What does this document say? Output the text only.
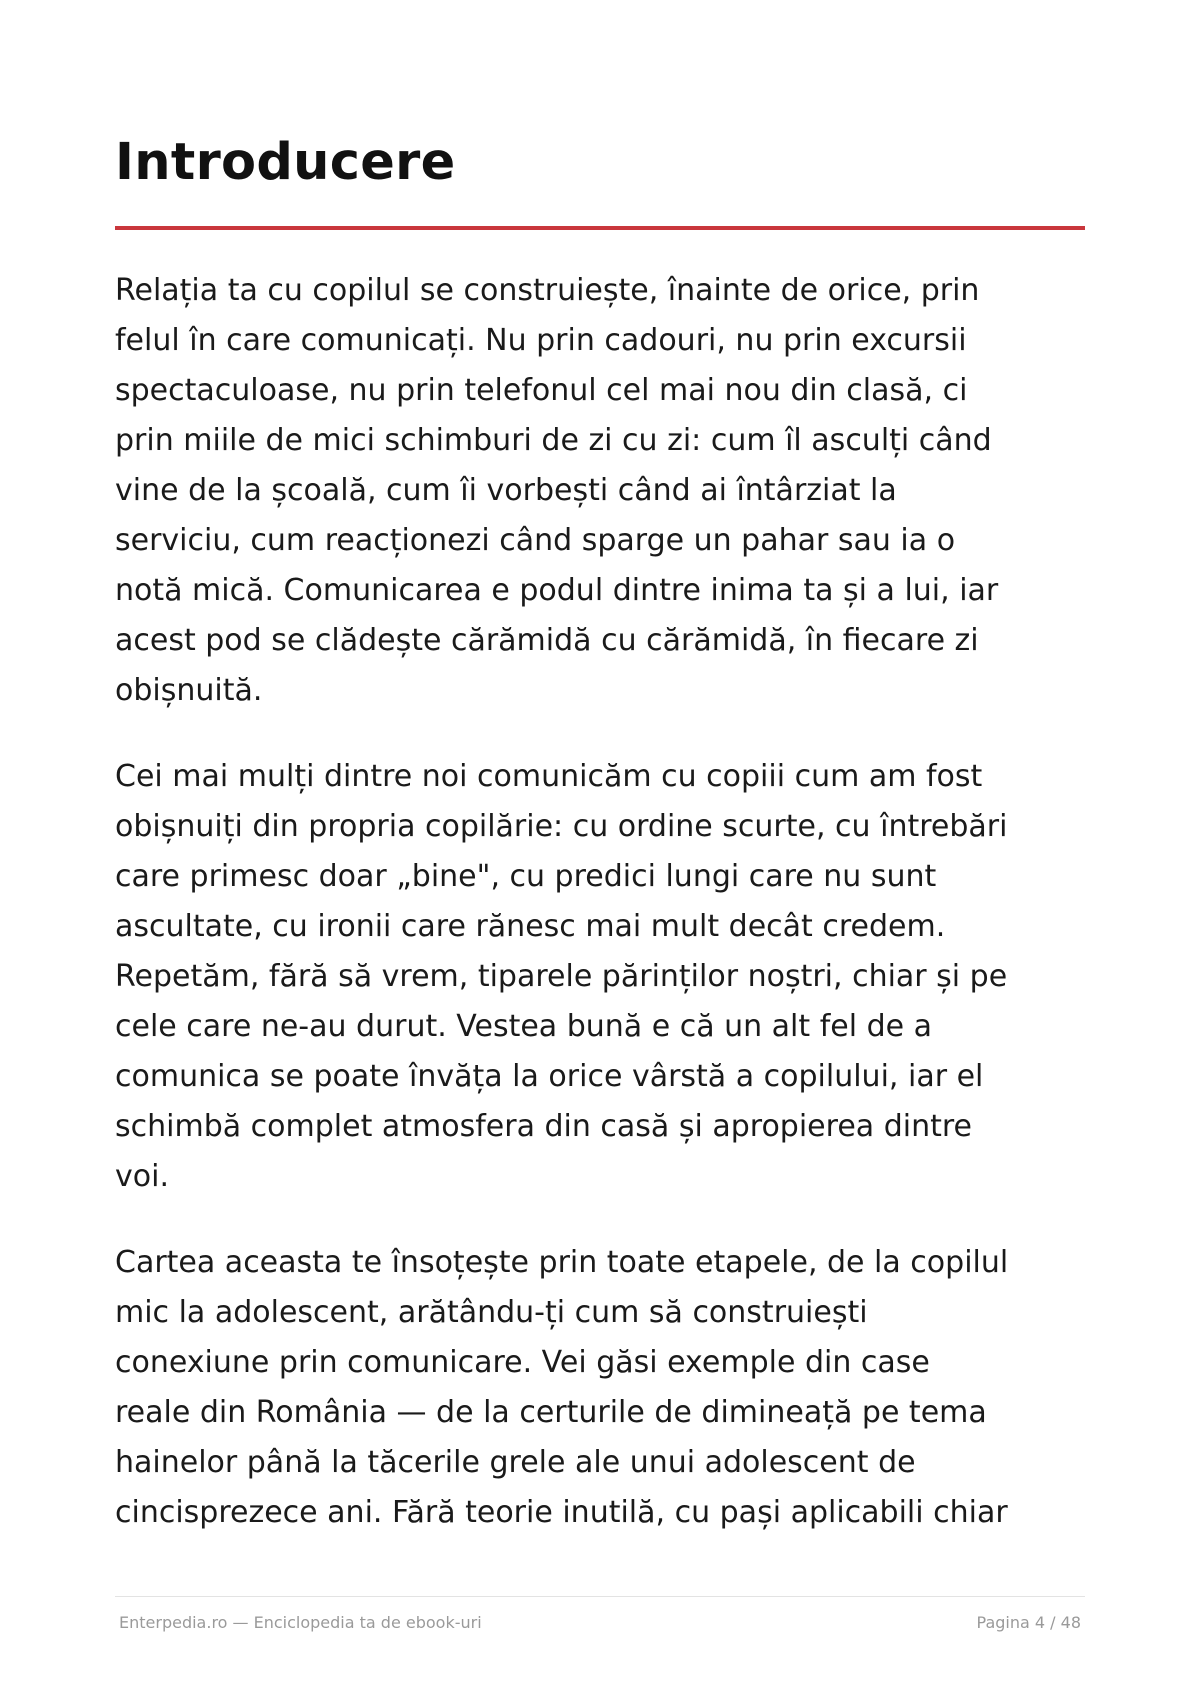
Introducere

Relația ta cu copilul se construiește, înainte de orice, prin
felul în care comunicați. Nu prin cadouri, nu prin excursii
spectaculoase, nu prin telefonul cel mai nou din clasă, ci
prin miile de mici schimburi de zi cu zi: cum îl asculți când
vine de la școală, cum îi vorbești când ai întârziat la
serviciu, cum reacționezi când sparge un pahar sau ia o
notă mică. Comunicarea e podul dintre inima ta și a lui, iar
acest pod se clădește cărămidă cu cărămidă, în fiecare zi
obișnuită.

Cei mai mulți dintre noi comunicăm cu copiii cum am fost
obișnuiți din propria copilărie: cu ordine scurte, cu întrebări
care primesc doar „bine", cu predici lungi care nu sunt
ascultate, cu ironii care rănesc mai mult decât credem.
Repetăm, fără să vrem, tiparele părinților noștri, chiar și pe
cele care ne-au durut. Vestea bună e că un alt fel de a
comunica se poate învăța la orice vârstă a copilului, iar el
schimbă complet atmosfera din casă și apropierea dintre
voi.

Cartea aceasta te însoțește prin toate etapele, de la copilul
mic la adolescent, arătându-ți cum să construiești
conexiune prin comunicare. Vei găsi exemple din case
reale din România — de la certurile de dimineață pe tema
hainelor până la tăcerile grele ale unui adolescent de
cincisprezece ani. Fără teorie inutilă, cu pași aplicabili chiar

Enterpedia.ro — Enciclopedia ta de ebook-uri	Pagina 4 / 48
